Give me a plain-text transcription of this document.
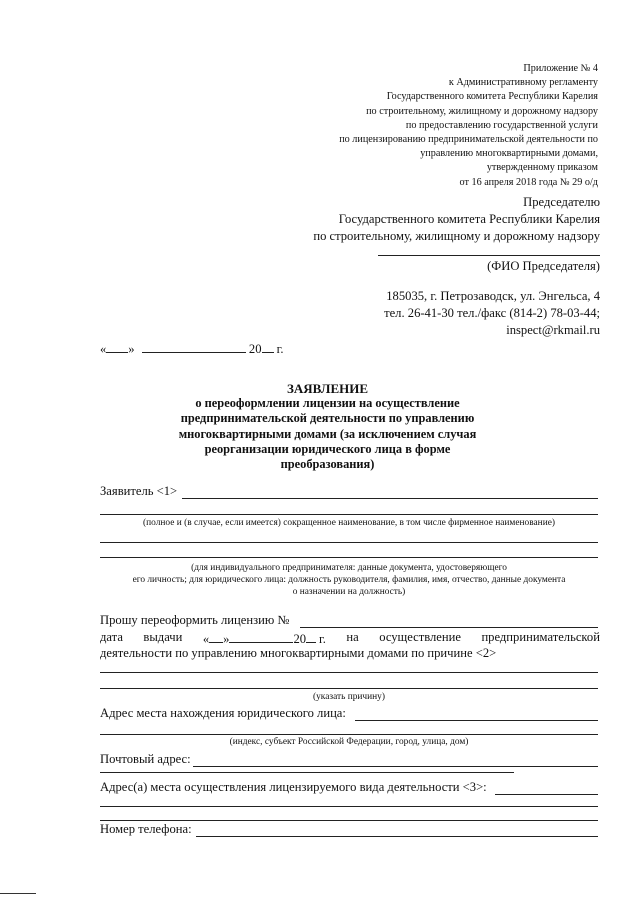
Приложение № 4
к Административному регламенту
Государственного комитета Республики Карелия
по строительному, жилищному и дорожному надзору
по предоставлению государственной услуги
по лицензированию предпринимательской деятельности по
управлению многоквартирными домами,
утвержденному приказом
от 16 апреля 2018 года № 29 о/д
Председателю
Государственного комитета Республики Карелия
по строительному, жилищному и дорожному надзору
(ФИО Председателя)
185035, г. Петрозаводск, ул. Энгельса, 4
тел. 26-41-30 тел./факс (814-2) 78-03-44;
inspect@rkmail.ru
« »	20 г.
ЗАЯВЛЕНИЕ
о переоформлении лицензии на осуществление
предпринимательской деятельности по управлению
многоквартирными домами (за исключением случая
реорганизации юридического лица в форме
преобразования)
Заявитель <1>
(полное и (в случае, если имеется) сокращенное наименование, в том числе фирменное наименование)
(для индивидуального предпринимателя: данные документа, удостоверяющего
его личность; для юридического лица: должность руководителя, фамилия, имя, отчество, данные документа
о назначении на должность)
Прошу переоформить лицензию №
дата выдачи « »	20 г. на осуществление предпринимательской
деятельности по управлению многоквартирными домами по причине <2>
(указать причину)
Адрес места нахождения юридического лица:
(индекс, субъект Российской Федерации, город, улица, дом)
Почтовый адрес:
Адрес(а) места осуществления лицензируемого вида деятельности <3>:
Номер телефона:
